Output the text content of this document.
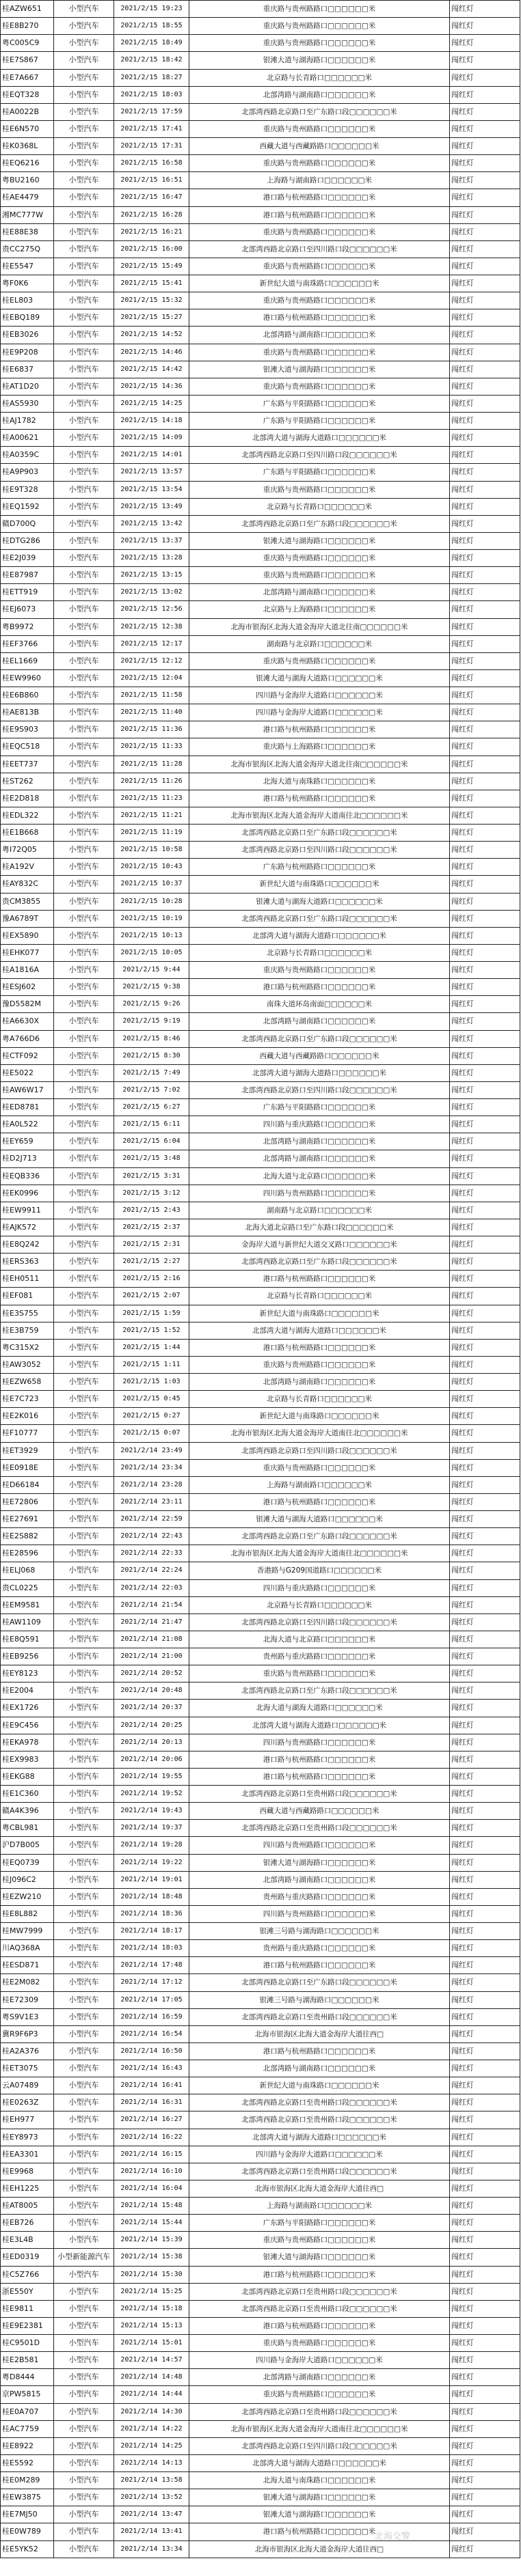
桂AZW651	小型汽车	2021/2/15 19:23	重庆路与贵州路路口□□□□□□米	闯红灯
桂E8B270	小型汽车	2021/2/15 18:55	重庆路与贵州路路口□□□□□□米	闯红灯
粤C005C9	小型汽车	2021/2/15 18:49	重庆路与贵州路路口□□□□□□米	闯红灯
桂E7S867	小型汽车	2021/2/15 18:42	银滩大道与湖海路口□□□□□□米	闯红灯
桂E7A667	小型汽车	2021/2/15 18:27	北京路与长青路口□□□□□□米	闯红灯
桂EQT328	小型汽车	2021/2/15 18:03	北部湾路与湖南路口□□□□□□米	闯红灯
桂A0022B	小型汽车	2021/2/15 17:59	北部湾西路北京路口至广东路口段□□□□□□米	闯红灯
桂E6N570	小型汽车	2021/2/15 17:41	重庆路与贵州路路口□□□□□□米	闯红灯
桂K0368L	小型汽车	2021/2/15 17:31	西藏大道与西藏路路口□□□□□□米	闯红灯
桂EQ6216	小型汽车	2021/2/15 16:58	重庆路与贵州路路口□□□□□□米	闯红灯
粤BU2160	小型汽车	2021/2/15 16:51	上海路与湖南路口□□□□□□米	闯红灯
桂AE4479	小型汽车	2021/2/15 16:47	港口路与杭州路路口□□□□□□米	闯红灯
湘MC777W	小型汽车	2021/2/15 16:28	港口路与杭州路路口□□□□□□米	闯红灯
桂E88E38	小型汽车	2021/2/15 16:21	重庆路与贵州路路口□□□□□□米	闯红灯
贵CC275Q	小型汽车	2021/2/15 16:00	北部湾西路北京路口至四川路口段□□□□□□米	闯红灯
桂E5547	小型汽车	2021/2/15 15:49	重庆路与贵州路路口□□□□□□米	闯红灯
粤F0K6	小型汽车	2021/2/15 15:41	新世纪大道与南珠路口□□□□□□米	闯红灯
桂EL803	小型汽车	2021/2/15 15:32	重庆路与贵州路路口□□□□□□米	闯红灯
桂EBQ189	小型汽车	2021/2/15 15:27	港口路与杭州路路口□□□□□□米	闯红灯
桂EB3026	小型汽车	2021/2/15 14:52	北部湾路与湖南路口□□□□□□米	闯红灯
桂E9P208	小型汽车	2021/2/15 14:46	重庆路与贵州路路口□□□□□□米	闯红灯
桂E6837	小型汽车	2021/2/15 14:42	银滩大道与湖海路口□□□□□□米	闯红灯
桂AT1D20	小型汽车	2021/2/15 14:36	重庆路与贵州路路口□□□□□□米	闯红灯
桂AS5930	小型汽车	2021/2/15 14:25	广东路与平阳路路口□□□□□□米	闯红灯
桂AJ1782	小型汽车	2021/2/15 14:18	广东路与平阳路路口□□□□□□米	闯红灯
桂A00621	小型汽车	2021/2/15 14:09	北部湾大道与湖海大道路口□□□□□□米	闯红灯
桂A0359C	小型汽车	2021/2/15 14:01	北部湾西路北京路口至四川路口段□□□□□□米	闯红灯
桂A9P903	小型汽车	2021/2/15 13:57	广东路与平阳路路口□□□□□□米	闯红灯
桂E9T328	小型汽车	2021/2/15 13:54	重庆路与贵州路路口□□□□□□米	闯红灯
桂EQ1592	小型汽车	2021/2/15 13:49	北京路与长青路口□□□□□□米	闯红灯
赣D700Q	小型汽车	2021/2/15 13:42	北部湾西路北京路口至广东路口段□□□□□□米	闯红灯
桂DTG286	小型汽车	2021/2/15 13:37	银滩大道与湖海路口□□□□□□米	闯红灯
桂E2J039	小型汽车	2021/2/15 13:28	重庆路与贵州路路口□□□□□□米	闯红灯
桂E87987	小型汽车	2021/2/15 13:15	重庆路与贵州路路口□□□□□□米	闯红灯
桂ETT919	小型汽车	2021/2/15 13:02	北部湾路与湖南路口□□□□□□米	闯红灯
桂EJ6073	小型汽车	2021/2/15 12:56	北京路与上海路路口□□□□□□米	闯红灯
粤B9972	小型汽车	2021/2/15 12:38	北海市银海区北海大道金海岸大道北往南□□□□□□米	闯红灯
桂EF3766	小型汽车	2021/2/15 12:17	湖南路与北京路口□□□□□□米	闯红灯
桂EL1669	小型汽车	2021/2/15 12:12	重庆路与贵州路路口□□□□□□米	闯红灯
桂EW9960	小型汽车	2021/2/15 12:04	银滩大道与湖海大道路口□□□□□□米	闯红灯
桂E6B860	小型汽车	2021/2/15 11:58	四川路与金海岸大道路口□□□□□□米	闯红灯
桂AE813B	小型汽车	2021/2/15 11:40	四川路与金海岸大道路口□□□□□□米	闯红灯
桂E9S903	小型汽车	2021/2/15 11:36	港口路与杭州路路口□□□□□□米	闯红灯
桂EQC518	小型汽车	2021/2/15 11:33	重庆路与上海路路口□□□□□□米	闯红灯
桂EET737	小型汽车	2021/2/15 11:28	北海市银海区北海大道金海岸大道北往南□□□□□□米	闯红灯
桂ST262	小型汽车	2021/2/15 11:26	北海大道与南珠路口□□□□□□米	闯红灯
桂E2D818	小型汽车	2021/2/15 11:23	港口路与杭州路路口□□□□□□米	闯红灯
桂EDL322	小型汽车	2021/2/15 11:21	北海市银海区北海大道金海岸大道南往北□□□□□□米	闯红灯
桂E1B668	小型汽车	2021/2/15 11:19	北部湾西路北京路口至广东路口段□□□□□□米	闯红灯
粤I72Q05	小型汽车	2021/2/15 10:58	北部湾西路北京路口至四川路口段□□□□□□米	闯红灯
桂A192V	小型汽车	2021/2/15 10:43	广东路与杭州路路口□□□□□□米	闯红灯
桂AY832C	小型汽车	2021/2/15 10:37	新世纪大道与南珠路口□□□□□□米	闯红灯
贵CM3855	小型汽车	2021/2/15 10:28	银滩大道与湖海大道路口□□□□□□米	闯红灯
豫A6789T	小型汽车	2021/2/15 10:19	北部湾西路北京路口至广东路口段□□□□□□米	闯红灯
桂EX5890	小型汽车	2021/2/15 10:13	北部湾大道与湖海大道路口□□□□□□米	闯红灯
桂EHK077	小型汽车	2021/2/15 10:05	北京路与长青路口□□□□□□米	闯红灯
桂A1816A	小型汽车	2021/2/15 9:44	重庆路与贵州路路口□□□□□□米	闯红灯
桂ESJ602	小型汽车	2021/2/15 9:38	港口路与杭州路路口□□□□□□米	闯红灯
豫D5582M	小型汽车	2021/2/15 9:26	南珠大道环岛南面□□□□□□米	闯红灯
桂A6630X	小型汽车	2021/2/15 9:19	北部湾路与湖南路口□□□□□□米	闯红灯
粤A766D6	小型汽车	2021/2/15 8:46	北部湾西路北京路口至广东路口段□□□□□□米	闯红灯
桂CTF092	小型汽车	2021/2/15 8:30	西藏大道与西藏路路口□□□□□□米	闯红灯
桂E5022	小型汽车	2021/2/15 7:49	北部湾大道与湖海大道路口□□□□□□米	闯红灯
桂AW6W17	小型汽车	2021/2/15 7:02	北部湾西路北京路口至四川路口段□□□□□□米	闯红灯
桂ED8781	小型汽车	2021/2/15 6:27	广东路与平阳路路口□□□□□□米	闯红灯
桂A0L522	小型汽车	2021/2/15 6:11	四川路与重庆路路口□□□□□□米	闯红灯
桂EY659	小型汽车	2021/2/15 6:04	北部湾路与湖南路口□□□□□□米	闯红灯
桂D2J713	小型汽车	2021/2/15 3:48	北部湾路与湖南路口□□□□□□米	闯红灯
桂EQB336	小型汽车	2021/2/15 3:31	北海大道与北京路口□□□□□□米	闯红灯
桂EK0996	小型汽车	2021/2/15 3:12	四川路与贵州路路口□□□□□□米	闯红灯
桂EW9911	小型汽车	2021/2/15 2:43	湖南路与北京路口□□□□□□米	闯红灯
桂AJK572	小型汽车	2021/2/15 2:37	北海大道北京路口至广东路口段□□□□□□米	闯红灯
桂E8Q242	小型汽车	2021/2/15 2:31	金海岸大道与新世纪大道交叉路口□□□□□□米	闯红灯
桂ERS363	小型汽车	2021/2/15 2:27	北部湾西路北京路口至广东路口段□□□□□□米	闯红灯
桂EH0511	小型汽车	2021/2/15 2:16	港口路与杭州路路口□□□□□□米	闯红灯
桂EF081	小型汽车	2021/2/15 2:07	北京路与长青路口□□□□□□米	闯红灯
桂E3S755	小型汽车	2021/2/15 1:59	新世纪大道与南珠路口□□□□□□米	闯红灯
桂E3B759	小型汽车	2021/2/15 1:52	北部湾大道与湖海大道路口□□□□□□米	闯红灯
粤C315X2	小型汽车	2021/2/15 1:44	港口路与杭州路路口□□□□□□米	闯红灯
桂AW3052	小型汽车	2021/2/15 1:11	重庆路与贵州路路口□□□□□□米	闯红灯
桂EZW658	小型汽车	2021/2/15 1:03	北部湾路与湖南路口□□□□□□米	闯红灯
桂E7C723	小型汽车	2021/2/15 0:45	北京路与长青路口□□□□□□米	闯红灯
桂E2K016	小型汽车	2021/2/15 0:27	新世纪大道与南珠路口□□□□□□米	闯红灯
桂F10777	小型汽车	2021/2/15 0:07	北海市银海区北海大道金海岸大道南往北□□□□□□米	闯红灯
桂ET3929	小型汽车	2021/2/14 23:49	北部湾西路北京路口至四川路口段□□□□□□米	闯红灯
桂E0918E	小型汽车	2021/2/14 23:34	重庆路与贵州路路口□□□□□□米	闯红灯
桂D66184	小型汽车	2021/2/14 23:28	上海路与湖南路口□□□□□□米	闯红灯
桂E72806	小型汽车	2021/2/14 23:11	港口路与杭州路路口□□□□□□米	闯红灯
桂E27691	小型汽车	2021/2/14 22:59	银滩大道与湖海大道路口□□□□□□米	闯红灯
桂E2S882	小型汽车	2021/2/14 22:43	北部湾西路北京路口至广东路口段□□□□□□米	闯红灯
桂E28596	小型汽车	2021/2/14 22:33	北海市银海区北海大道金海岸大道南往北□□□□□□米	闯红灯
桂ELJ068	小型汽车	2021/2/14 22:24	香港路与G209国道路口□□□□□□米	闯红灯
贵CL0225	小型汽车	2021/2/14 22:03	四川路与重庆路路口□□□□□□米	闯红灯
桂EM9581	小型汽车	2021/2/14 21:54	北京路与长青路口□□□□□□米	闯红灯
桂AW1109	小型汽车	2021/2/14 21:47	北部湾西路北京路口至四川路口段□□□□□□米	闯红灯
桂E8Q591	小型汽车	2021/2/14 21:08	北海大道与北京路口□□□□□□米	闯红灯
桂EB9256	小型汽车	2021/2/14 21:00	贵州路与重庆路路口□□□□□□米	闯红灯
桂EY8123	小型汽车	2021/2/14 20:52	重庆路与贵州路路口□□□□□□米	闯红灯
桂E2004	小型汽车	2021/2/14 20:48	北部湾西路北京路口至广东路口段□□□□□□米	闯红灯
桂EX1726	小型汽车	2021/2/14 20:37	北海大道与湖海大道路口□□□□□□米	闯红灯
桂E9C456	小型汽车	2021/2/14 20:25	北部湾大道与湖海大道路口□□□□□□米	闯红灯
桂EKA978	小型汽车	2021/2/14 20:13	四川路与贵州路路口□□□□□□米	闯红灯
桂EX9983	小型汽车	2021/2/14 20:06	港口路与杭州路路口□□□□□□米	闯红灯
桂EKG88	小型汽车	2021/2/14 19:55	港口路与杭州路路口□□□□□□米	闯红灯
桂E1C360	小型汽车	2021/2/14 19:52	北部湾西路北京路口至贵州路口段□□□□□□米	闯红灯
赣A4K396	小型汽车	2021/2/14 19:43	西藏大道与西藏路路口□□□□□□米	闯红灯
粤CBL981	小型汽车	2021/2/14 19:37	北部湾西路北京路口至贵州路口段□□□□□□米	闯红灯
沪D7B005	小型汽车	2021/2/14 19:28	四川路与贵州路路口□□□□□□米	闯红灯
桂EQ0739	小型汽车	2021/2/14 19:22	银滩大道与湖海路口□□□□□□米	闯红灯
桂J096C2	小型汽车	2021/2/14 19:01	北部湾路与湖南路口□□□□□□米	闯红灯
桂EZW210	小型汽车	2021/2/14 18:48	贵州路与重庆路路口□□□□□□米	闯红灯
桂E8L882	小型汽车	2021/2/14 18:36	四川路与贵州路路口□□□□□□米	闯红灯
桂MW7999	小型汽车	2021/2/14 18:17	银滩三号路与湖海路口□□□□□□米	闯红灯
川AQ368A	小型汽车	2021/2/14 18:03	贵州路与重庆路路口□□□□□□米	闯红灯
桂ESD871	小型汽车	2021/2/14 17:48	港口路与杭州路路口□□□□□□米	闯红灯
桂E2M082	小型汽车	2021/2/14 17:12	北部湾西路北京路口至广东路口段□□□□□□米	闯红灯
桂E72309	小型汽车	2021/2/14 17:05	银滩三号路与湖海路口□□□□□□米	闯红灯
粤S9V1E3	小型汽车	2021/2/14 16:59	北部湾西路北京路口至贵州路口段□□□□□□米	闯红灯
冀R9F6P3	小型汽车	2021/2/14 16:54	北海市银海区北海大道金海岸大道往西□	闯红灯
桂A2A376	小型汽车	2021/2/14 16:50	港口路与杭州路路口□□□□□□米	闯红灯
桂ET3075	小型汽车	2021/2/14 16:43	北部湾路与湖南路口□□□□□□米	闯红灯
云A07489	小型汽车	2021/2/14 16:41	新世纪大道与南珠路口□□□□□□米	闯红灯
桂E0263Z	小型汽车	2021/2/14 16:31	北部湾西路北京路口至贵州路口段□□□□□□米	闯红灯
桂EH977	小型汽车	2021/2/14 16:27	北部湾西路北京路口至贵州路口段□□□□□□米	闯红灯
桂EY8973	小型汽车	2021/2/14 16:22	北部湾大道与湖海大道路口□□□□□□米	闯红灯
桂EA3301	小型汽车	2021/2/14 16:15	四川路与金海岸大道路口□□□□□□米	闯红灯
桂E9968	小型汽车	2021/2/14 16:10	北部湾西路北京路口至贵州路口段□□□□□□米	闯红灯
桂EH1225	小型汽车	2021/2/14 16:04	北海市银海区北海大道金海岸大道往西□	闯红灯
桂AT8005	小型汽车	2021/2/14 15:48	上海路与湖南路口□□□□□□米	闯红灯
桂EB726	小型汽车	2021/2/14 15:44	广东路与平阳路路口□□□□□□米	闯红灯
桂E3L4B	小型汽车	2021/2/14 15:39	重庆路与贵州路路口□□□□□□米	闯红灯
桂ED0319	小型新能源汽车	2021/2/14 15:38	银滩大道与湖海路口□□□□□□米	闯红灯
桂C5Z766	小型汽车	2021/2/14 15:30	港口路与杭州路路口□□□□□□米	闯红灯
浙E550Y	小型汽车	2021/2/14 15:25	北部湾西路北京路口至贵州路口段□□□□□□米	闯红灯
桂E9811	小型汽车	2021/2/14 15:18	北部湾西路北京路口至贵州路口段□□□□□□米	闯红灯
桂E9E2381	小型汽车	2021/2/14 15:13	港口路与杭州路路口□□□□□□米	闯红灯
桂C9501D	小型汽车	2021/2/14 15:01	重庆路与贵州路路口□□□□□□米	闯红灯
桂E2B581	小型汽车	2021/2/14 14:57	四川路与金海岸大道路口□□□□□□米	闯红灯
粤D8444	小型汽车	2021/2/14 14:48	北部湾路与湖南路口□□□□□□米	闯红灯
京PW5815	小型汽车	2021/2/14 14:44	重庆路与贵州路路口□□□□□□米	闯红灯
桂E0A707	小型汽车	2021/2/14 14:30	北部湾西路北京路口至贵州路口段□□□□□□米	闯红灯
桂AC7759	小型汽车	2021/2/14 14:22	北海市银海区北海大道金海岸大道南往北□□□□□□米	闯红灯
桂E8922	小型汽车	2021/2/14 14:25	北部湾西路北京路口至四川路口段□□□□□□米	闯红灯
桂E5592	小型汽车	2021/2/14 14:13	北部湾大道与湖海大道路口□□□□□□米	闯红灯
桂E0M289	小型汽车	2021/2/14 13:58	北海大道与南珠路口□□□□□□米	闯红灯
桂EW3875	小型汽车	2021/2/14 13:52	银滩大道与湖海路口□□□□□□米	闯红灯
桂E7MJ50	小型汽车	2021/2/14 13:47	银滩大道与湖海路口□□□□□□米	闯红灯
桂E0W789	小型汽车	2021/2/14 13:41	港口路与杭州路路口□□□□□□米	闯红灯
桂E5YK52	小型汽车	2021/2/14 13:34	北海市银海区北海大道金海岸大道往西□	闯红灯
北海交警
